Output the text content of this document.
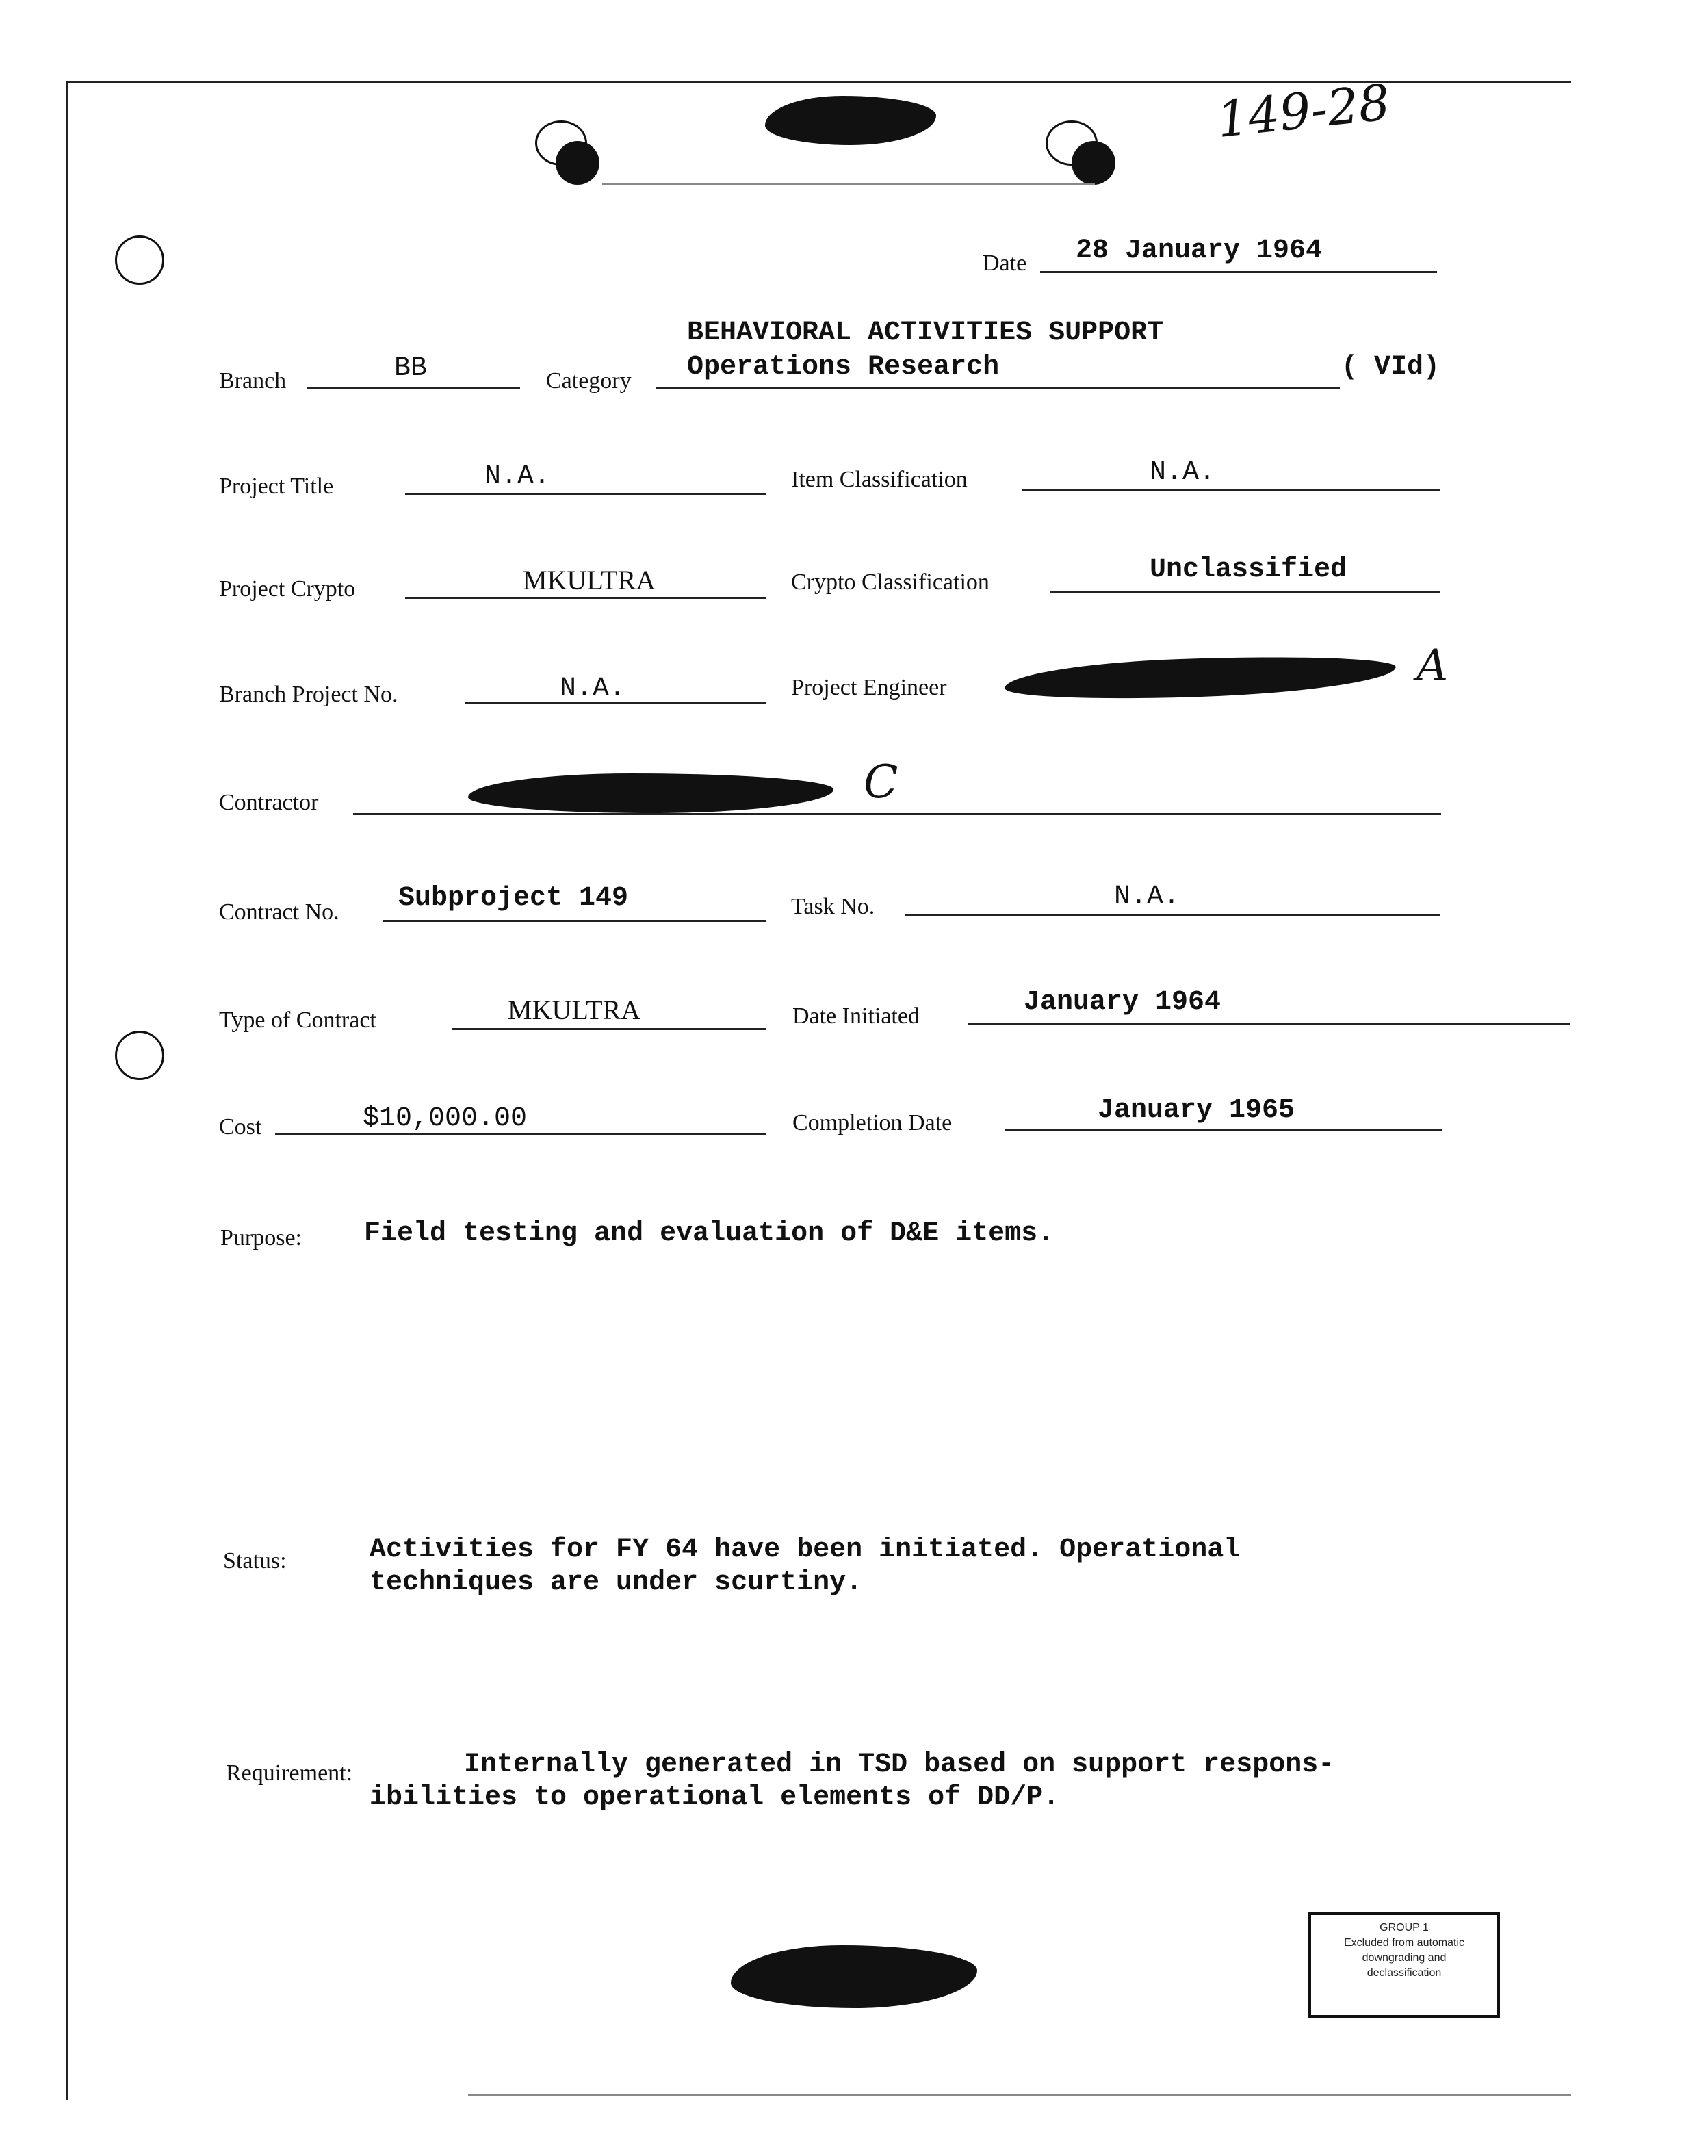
149-28
Date 28 January 1964
BEHAVIORAL ACTIVITIES SUPPORT
Branch	BB	Category Operations Research	( VId)
Project Title	N.A.	Item Classification	N.A.
Project Crypto	MKULTRA	Crypto Classification	Unclassified
Branch Project No.	N.A.	Project Engineer	A
Contractor	C
Contract No. Subproject 149	Task No.	N.A.
Type of Contract	MKULTRA	Date Initiated	January 1964
Cost	$10,000.00	Completion Date	January 1965
Purpose: Field testing and evaluation of D&E items.
Status:	Activities for FY 64 have been initiated. Operational
techniques are under scurtiny.
Requirement:	Internally generated in TSD based on support respons-
ibilities to operational elements of DD/P.
GROUP 1
Excluded from automatic
downgrading and
declassification
